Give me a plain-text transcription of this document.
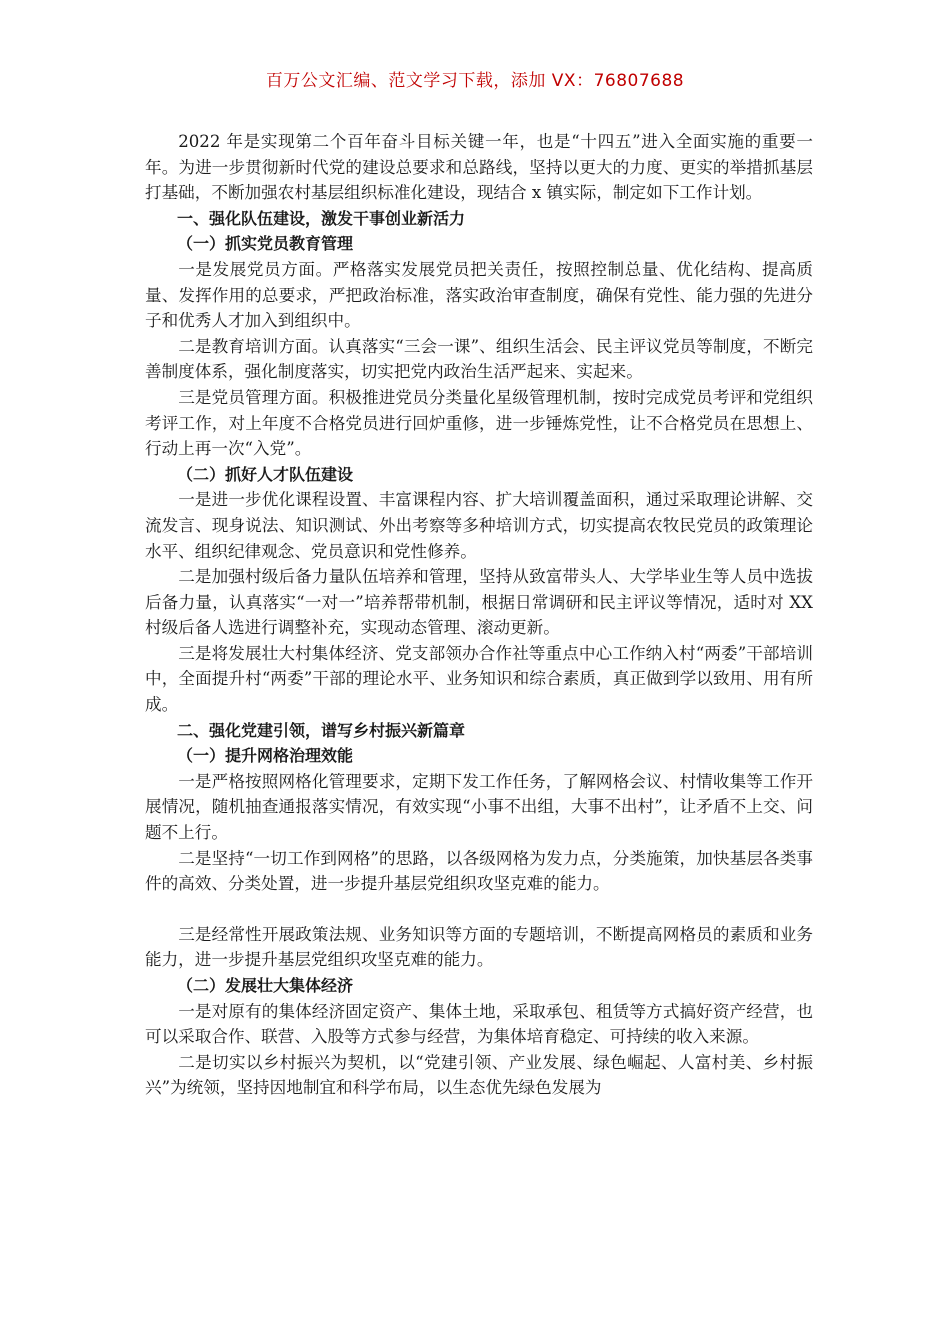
百万公文汇编、范文学习下载，添加 VX：76807688

2022 年是实现第二个百年奋斗目标关键一年，也是“十四五”进入全面实施的重要一年。为进一步贯彻新时代党的建设总要求和总路线，坚持以更大的力度、更实的举措抓基层打基础，不断加强农村基层组织标准化建设，现结合 x 镇实际，制定如下工作计划。

一、强化队伍建设，激发干事创业新活力

（一）抓实党员教育管理

一是发展党员方面。严格落实发展党员把关责任，按照控制总量、优化结构、提高质量、发挥作用的总要求，严把政治标准，落实政治审查制度，确保有党性、能力强的先进分子和优秀人才加入到组织中。

二是教育培训方面。认真落实“三会一课”、组织生活会、民主评议党员等制度，不断完善制度体系，强化制度落实，切实把党内政治生活严起来、实起来。

三是党员管理方面。积极推进党员分类量化星级管理机制，按时完成党员考评和党组织考评工作，对上年度不合格党员进行回炉重修，进一步锤炼党性，让不合格党员在思想上、行动上再一次“入党”。

（二）抓好人才队伍建设

一是进一步优化课程设置、丰富课程内容、扩大培训覆盖面积，通过采取理论讲解、交流发言、现身说法、知识测试、外出考察等多种培训方式，切实提高农牧民党员的政策理论水平、组织纪律观念、党员意识和党性修养。

二是加强村级后备力量队伍培养和管理，坚持从致富带头人、大学毕业生等人员中选拔后备力量，认真落实“一对一”培养帮带机制，根据日常调研和民主评议等情况，适时对 XX 村级后备人选进行调整补充，实现动态管理、滚动更新。

三是将发展壮大村集体经济、党支部领办合作社等重点中心工作纳入村“两委”干部培训中，全面提升村“两委”干部的理论水平、业务知识和综合素质，真正做到学以致用、用有所成。

二、强化党建引领，谱写乡村振兴新篇章

（一）提升网格治理效能

一是严格按照网格化管理要求，定期下发工作任务，了解网格会议、村情收集等工作开展情况，随机抽查通报落实情况，有效实现“小事不出组，大事不出村”，让矛盾不上交、问题不上行。

二是坚持“一切工作到网格”的思路，以各级网格为发力点，分类施策，加快基层各类事件的高效、分类处置，进一步提升基层党组织攻坚克难的能力。

三是经常性开展政策法规、业务知识等方面的专题培训，不断提高网格员的素质和业务能力，进一步提升基层党组织攻坚克难的能力。

（二）发展壮大集体经济

一是对原有的集体经济固定资产、集体土地，采取承包、租赁等方式搞好资产经营，也可以采取合作、联营、入股等方式参与经营，为集体培育稳定、可持续的收入来源。

二是切实以乡村振兴为契机，以“党建引领、产业发展、绿色崛起、人富村美、乡村振兴”为统领，坚持因地制宜和科学布局，以生态优先绿色发展为
